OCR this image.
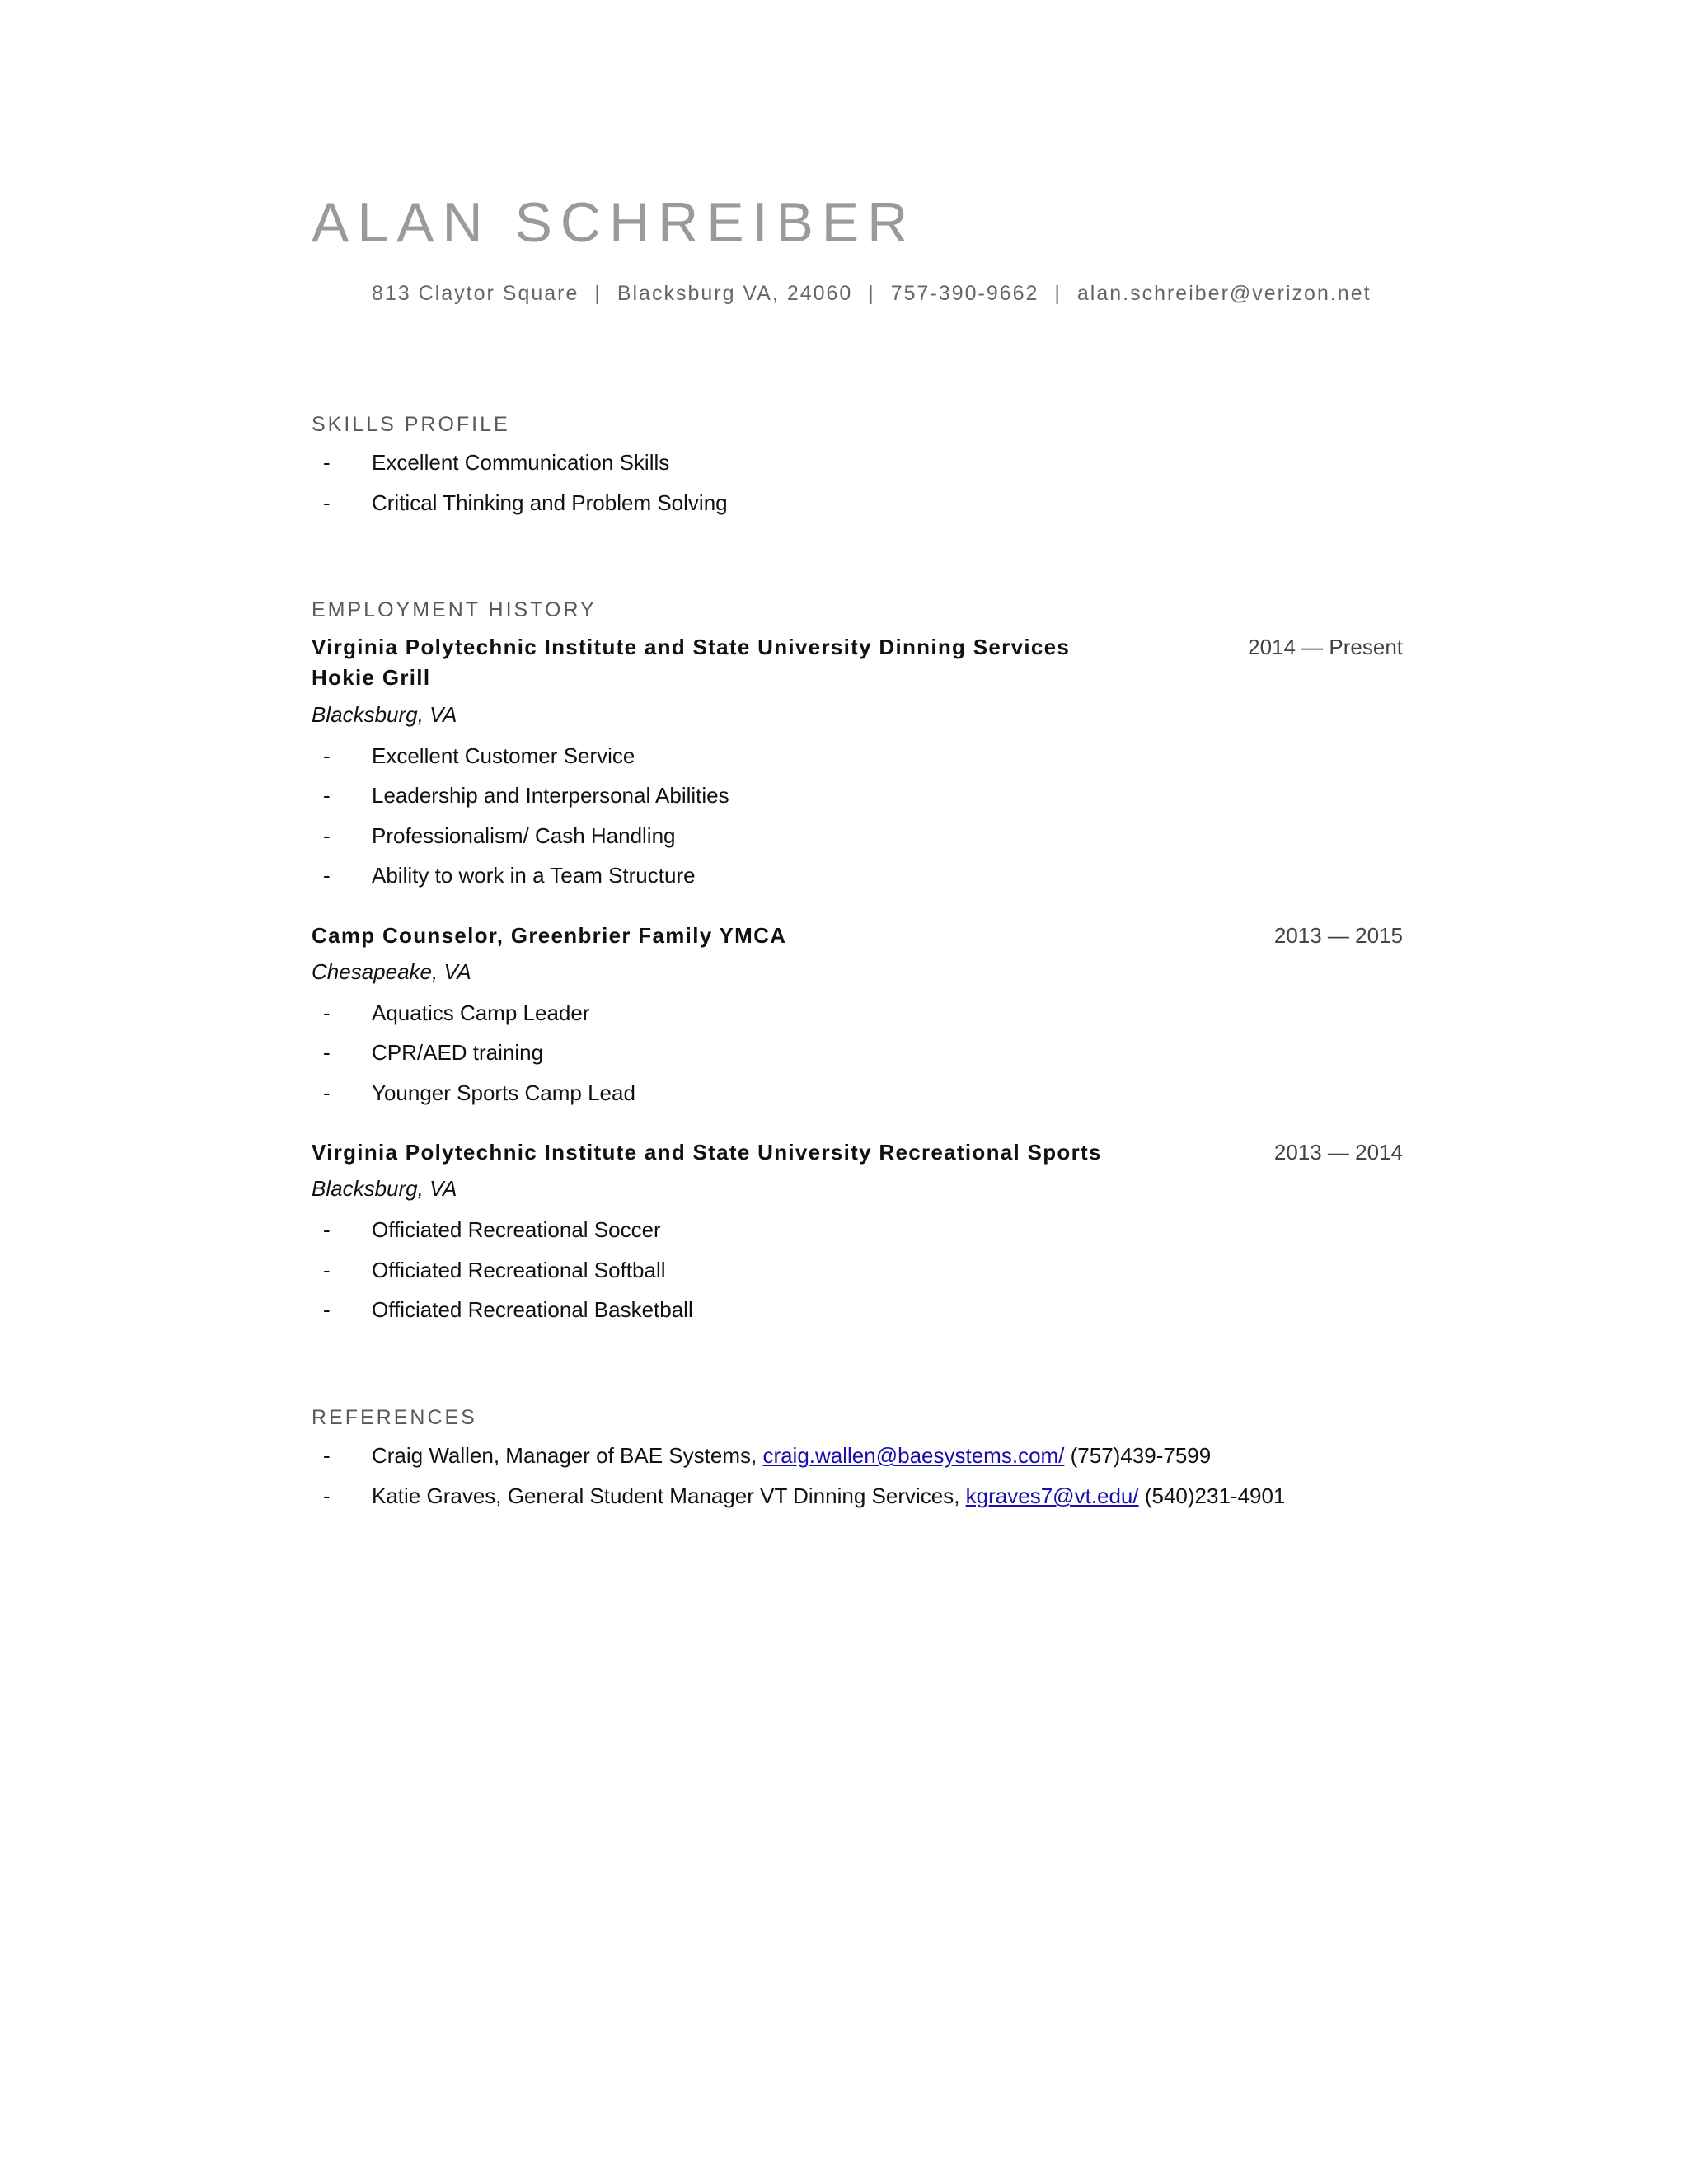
ALAN SCHREIBER
813 Claytor Square | Blacksburg VA, 24060 | 757-390-9662 | alan.schreiber@verizon.net
SKILLS PROFILE
- Excellent Communication Skills
- Critical Thinking and Problem Solving
EMPLOYMENT HISTORY
Virginia Polytechnic Institute and State University Dinning Services	2014 — Present
Hokie Grill
Blacksburg, VA
- Excellent Customer Service
- Leadership and Interpersonal Abilities
- Professionalism/ Cash Handling
- Ability to work in a Team Structure
Camp Counselor, Greenbrier Family YMCA	2013 — 2015
Chesapeake, VA
- Aquatics Camp Leader
- CPR/AED training
- Younger Sports Camp Lead
Virginia Polytechnic Institute and State University Recreational Sports	2013 — 2014
Blacksburg, VA
- Officiated Recreational Soccer
- Officiated Recreational Softball
- Officiated Recreational Basketball
REFERENCES
- Craig Wallen, Manager of BAE Systems, craig.wallen@baesystems.com/ (757)439-7599
- Katie Graves, General Student Manager VT Dinning Services, kgraves7@vt.edu/ (540)231-4901
